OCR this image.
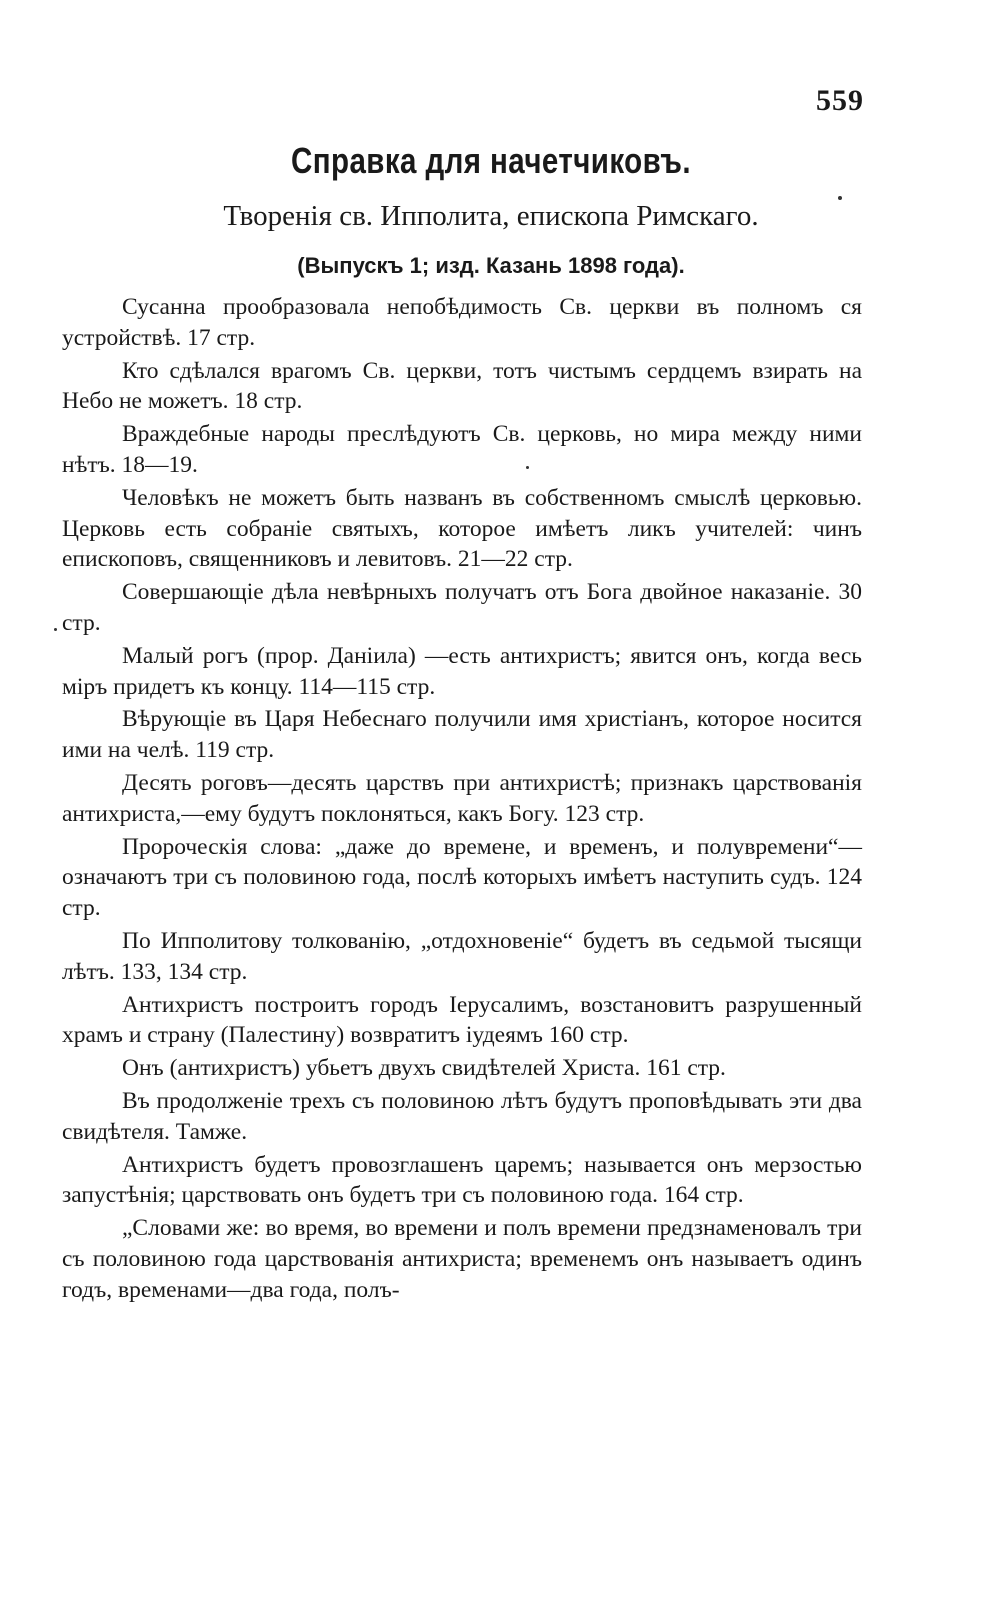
559
Справка для начетчиковъ.
Творенія св. Ипполита, епископа Римскаго.
(Выпускъ 1; изд. Казань 1898 года).

Сусанна прообразовала непобѣдимость Св. церкви въ полномъ ся устройствѣ. 17 стр.

Кто сдѣлался врагомъ Св. церкви, тотъ чистымъ сердцемъ взирать на Небо не можетъ. 18 стр.

Враждебные народы преслѣдуютъ Св. церковь, но мира между ними нѣтъ. 18—19.

Человѣкъ не можетъ быть названъ въ собственномъ смыслѣ церковью. Церковь есть собраніе святыхъ, которое имѣетъ ликъ учителей: чинъ епископовъ, священниковъ и левитовъ. 21—22 стр.

Совершающіе дѣла невѣрныхъ получатъ отъ Бога двойное наказаніе. 30 стр.

Малый рогъ (прор. Даніила) —есть антихристъ; явится онъ, когда весь міръ придетъ къ концу. 114—115 стр.

Вѣрующіе въ Царя Небеснаго получили имя христіанъ, которое носится ими на челѣ. 119 стр.

Десять роговъ—десять царствъ при антихристѣ; признакъ царствованія антихриста,—ему будутъ поклоняться, какъ Богу. 123 стр.

Пророческія слова: „даже до времене, и временъ, и полувремени“—означаютъ три съ половиною года, послѣ которыхъ имѣетъ наступить судъ. 124 стр.

По Ипполитову толкованію, „отдохновеніе“ будетъ въ седьмой тысящи лѣтъ. 133, 134 стр.

Антихристъ построитъ городъ Іерусалимъ, возстановитъ разрушенный храмъ и страну (Палестину) возвратитъ іудеямъ 160 стр.

Онъ (антихристъ) убьетъ двухъ свидѣтелей Христа. 161 стр.

Въ продолженіе трехъ съ половиною лѣтъ будутъ проповѣдывать эти два свидѣтеля. Тамже.

Антихристъ будетъ провозглашенъ царемъ; называется онъ мерзостью запустѣнія; царствовать онъ будетъ три съ половиною года. 164 стр.

„Словами же: во время, во времени и полъ времени предзнаменовалъ три съ половиною года царствованія антихриста; временемъ онъ называетъ одинъ годъ, временами—два года, полъ-
